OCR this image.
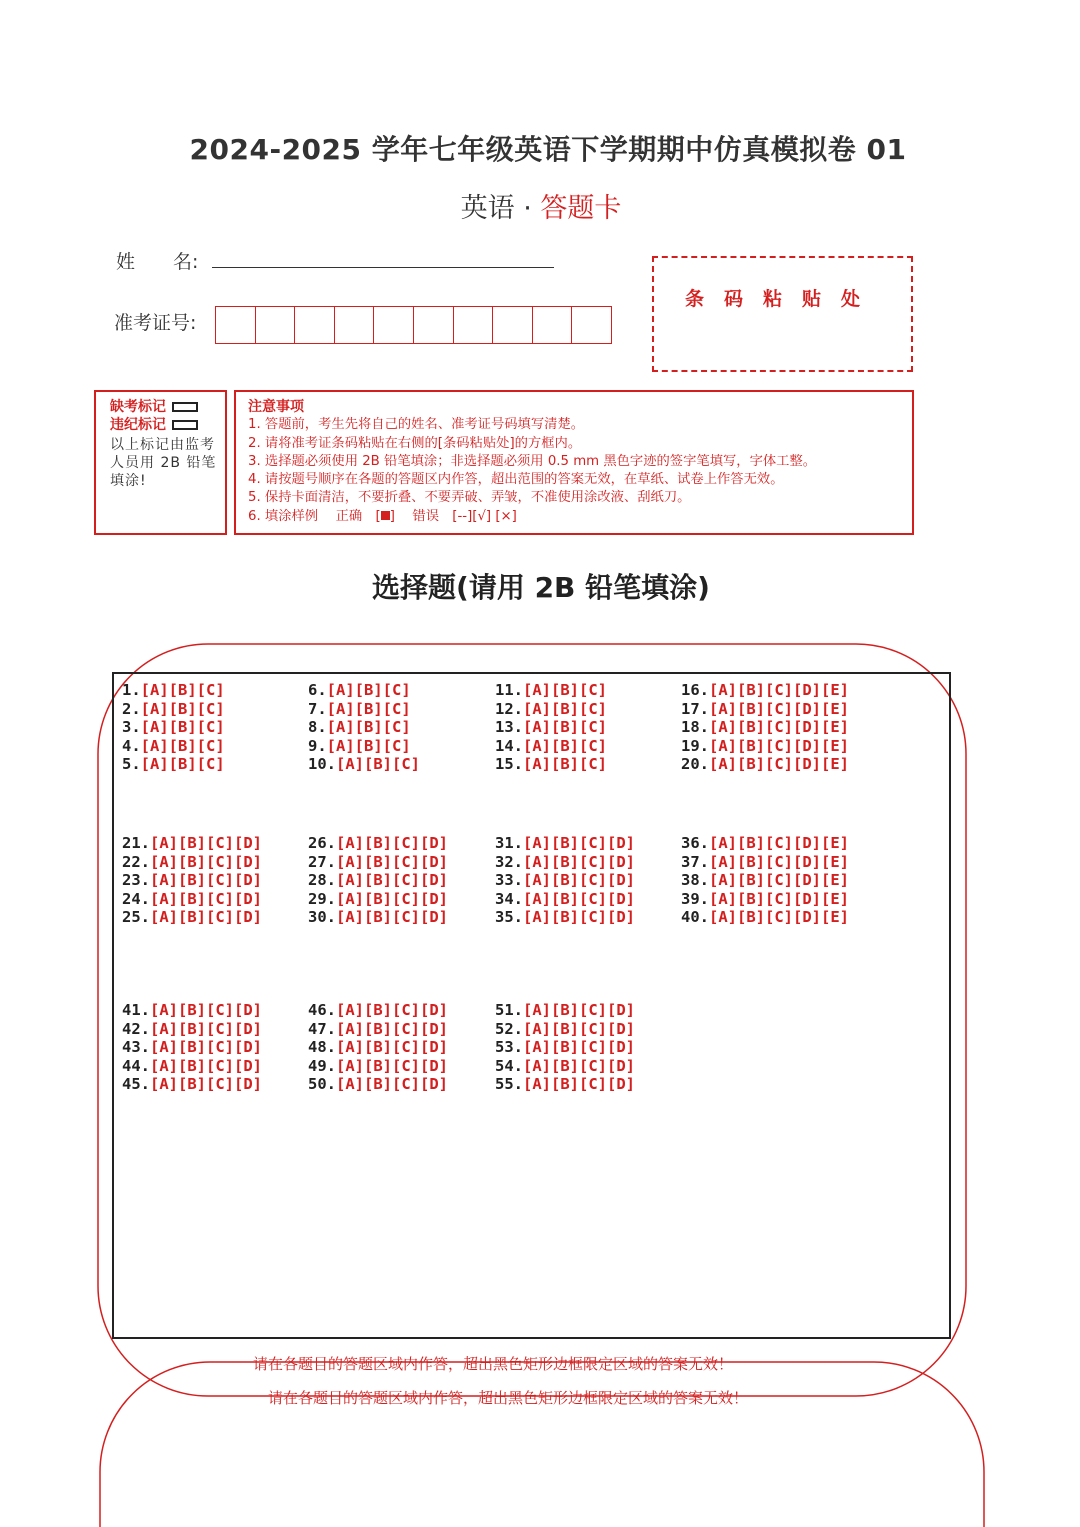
2024-2025 学年七年级英语下学期期中仿真模拟卷 01
英语 · 答题卡
姓　　名:
准考证号:
条码粘贴处
缺考标记
违纪标记
以上标记由监考人员用 2B 铅笔填涂!
注意事项
1. 答题前，考生先将自己的姓名、准考证号码填写清楚。
2. 请将准考证条码粘贴在右侧的[条码粘贴处]的方框内。
3. 选择题必须使用 2B 铅笔填涂；非选择题必须用 0.5 mm 黑色字迹的签字笔填写，字体工整。
4. 请按题号顺序在各题的答题区内作答，超出范围的答案无效，在草纸、试卷上作答无效。
5. 保持卡面清洁，不要折叠、不要弄破、弄皱，不准使用涂改液、刮纸刀。
6. 填涂样例　 正确　[ ]　 错误　[--][√] [×]
选择题(请用 2B 铅笔填涂)
1.[A][B][C]
2.[A][B][C]
3.[A][B][C]
4.[A][B][C]
5.[A][B][C]
6.[A][B][C]
7.[A][B][C]
8.[A][B][C]
9.[A][B][C]
10.[A][B][C]
11.[A][B][C]
12.[A][B][C]
13.[A][B][C]
14.[A][B][C]
15.[A][B][C]
16.[A][B][C][D][E]
17.[A][B][C][D][E]
18.[A][B][C][D][E]
19.[A][B][C][D][E]
20.[A][B][C][D][E]
21.[A][B][C][D]
22.[A][B][C][D]
23.[A][B][C][D]
24.[A][B][C][D]
25.[A][B][C][D]
26.[A][B][C][D]
27.[A][B][C][D]
28.[A][B][C][D]
29.[A][B][C][D]
30.[A][B][C][D]
31.[A][B][C][D]
32.[A][B][C][D]
33.[A][B][C][D]
34.[A][B][C][D]
35.[A][B][C][D]
36.[A][B][C][D][E]
37.[A][B][C][D][E]
38.[A][B][C][D][E]
39.[A][B][C][D][E]
40.[A][B][C][D][E]
41.[A][B][C][D]
42.[A][B][C][D]
43.[A][B][C][D]
44.[A][B][C][D]
45.[A][B][C][D]
46.[A][B][C][D]
47.[A][B][C][D]
48.[A][B][C][D]
49.[A][B][C][D]
50.[A][B][C][D]
51.[A][B][C][D]
52.[A][B][C][D]
53.[A][B][C][D]
54.[A][B][C][D]
55.[A][B][C][D]
请在各题目的答题区域内作答，超出黑色矩形边框限定区域的答案无效！
请在各题目的答题区域内作答，超出黑色矩形边框限定区域的答案无效！
